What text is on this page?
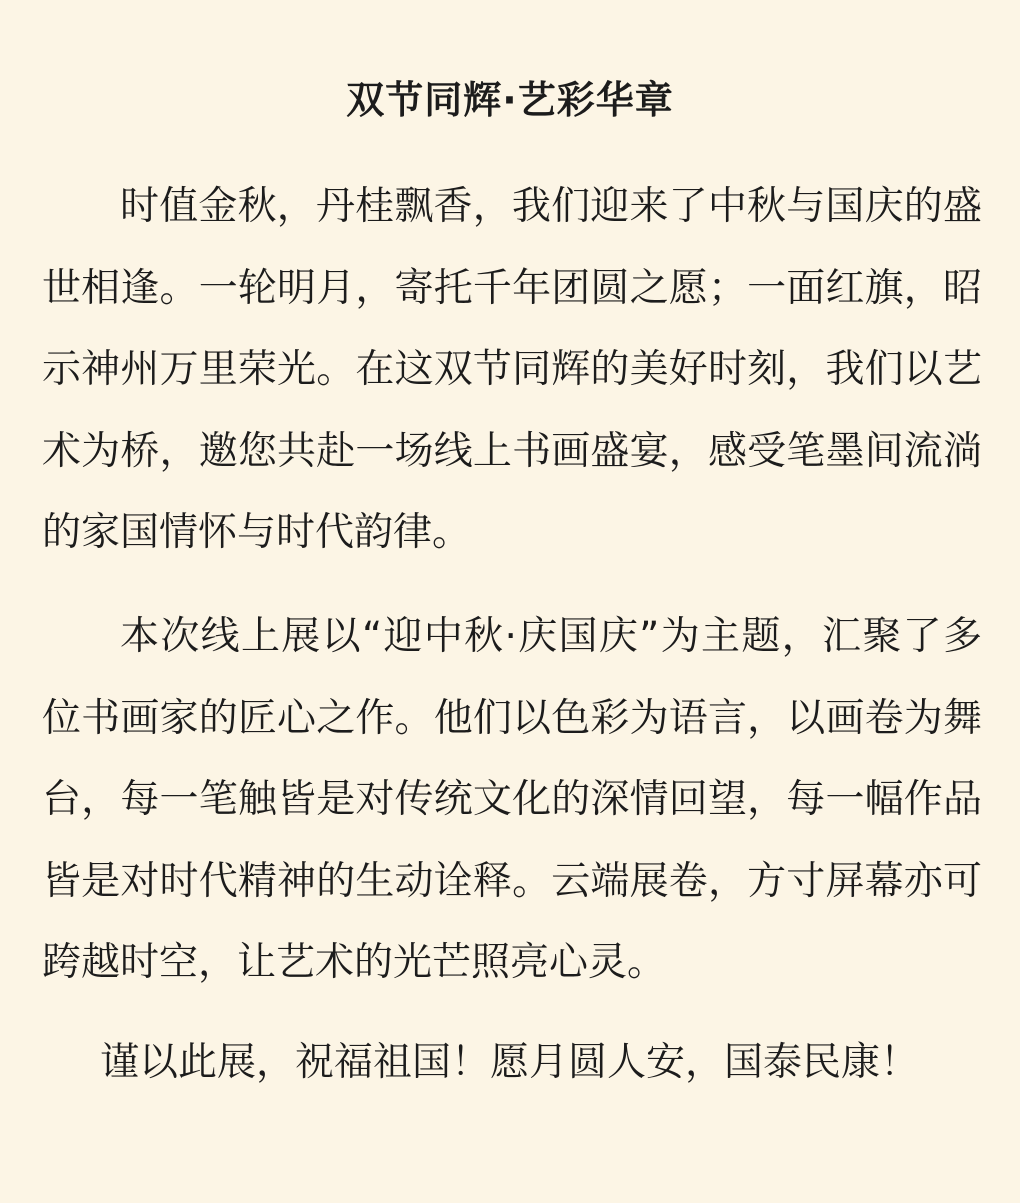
双节同辉·艺彩华章

时值金秋，丹桂飘香，我们迎来了中秋与国庆的盛世相逢。一轮明月，寄托千年团圆之愿；一面红旗，昭示神州万里荣光。在这双节同辉的美好时刻，我们以艺术为桥，邀您共赴一场线上书画盛宴，感受笔墨间流淌的家国情怀与时代韵律。

本次线上展以“迎中秋·庆国庆”为主题，汇聚了多位书画家的匠心之作。他们以色彩为语言，以画卷为舞台，每一笔触皆是对传统文化的深情回望，每一幅作品皆是对时代精神的生动诠释。云端展卷，方寸屏幕亦可跨越时空，让艺术的光芒照亮心灵。

谨以此展，祝福祖国！愿月圆人安，国泰民康！
